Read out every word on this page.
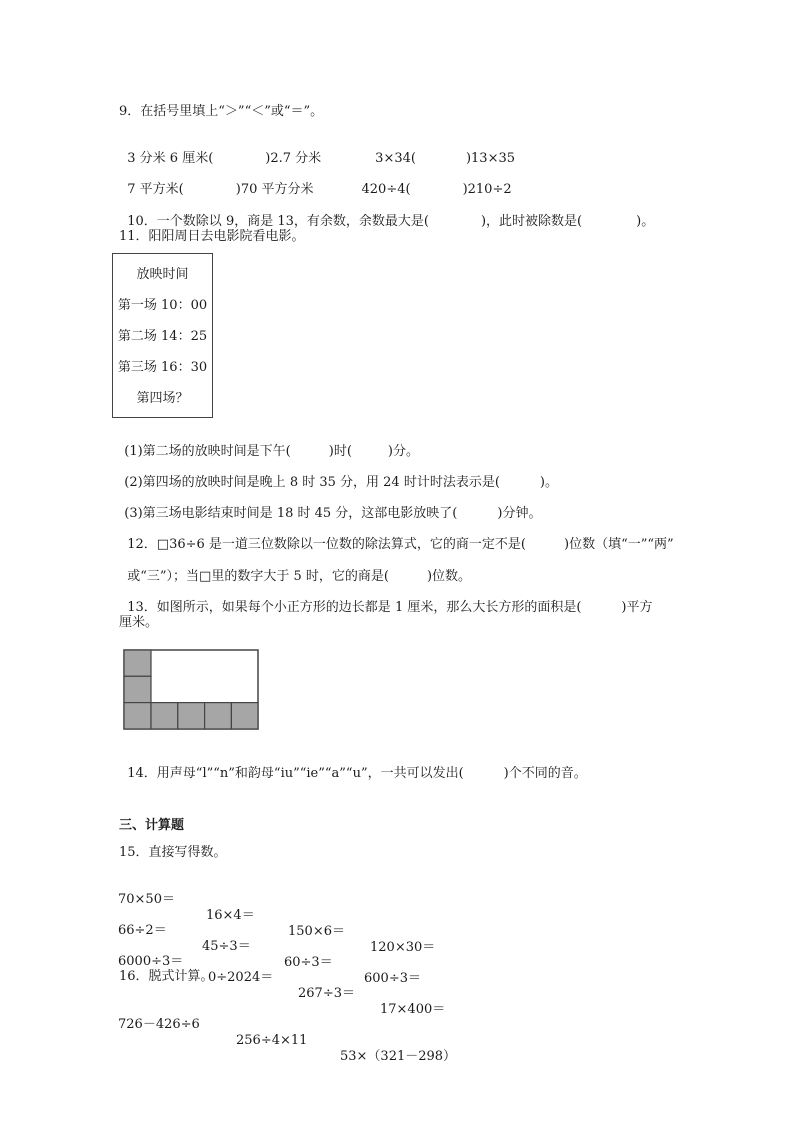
9．在括号里填上“＞”“＜”或“＝”。

3 分米 6 厘米(	)2.7 分米	3×34(	)13×35

7 平方米(	)70 平方分米	420÷4(	)210÷2

10．一个数除以 9，商是 13，有余数，余数最大是(	)，此时被除数是(	)。

11．阳阳周日去电影院看电影。
放映时间
第一场 10：00
第二场 14：25
第三场 16：30
第四场？

(1)第二场的放映时间是下午(	)时(	)分。

(2)第四场的放映时间是晚上 8 时 35 分，用 24 时计时法表示是(	)。

(3)第三场电影结束时间是 18 时 45 分，这部电影放映了(	)分钟。

12．□36÷6 是一道三位数除以一位数的除法算式，它的商一定不是(	)位数（填“一”“两”

或“三”）；当□里的数字大于 5 时，它的商是(	)位数。

13．如图所示，如果每个小正方形的边长都是 1 厘米，那么大长方形的面积是(	)平方

厘米。

14．用声母“l”“n”和韵母“iu”“ie”“a”“u”，一共可以发出(	)个不同的音。

三、计算题
15．直接写得数。

70×50＝

16×4＝

150×6＝

120×30＝

66÷2＝

45÷3＝

60÷3＝

600÷3＝

6000÷3＝

0÷2024＝

267÷3＝

17×400＝

16．脱式计算。

726－426÷6

256÷4×11

53×（321－298）
